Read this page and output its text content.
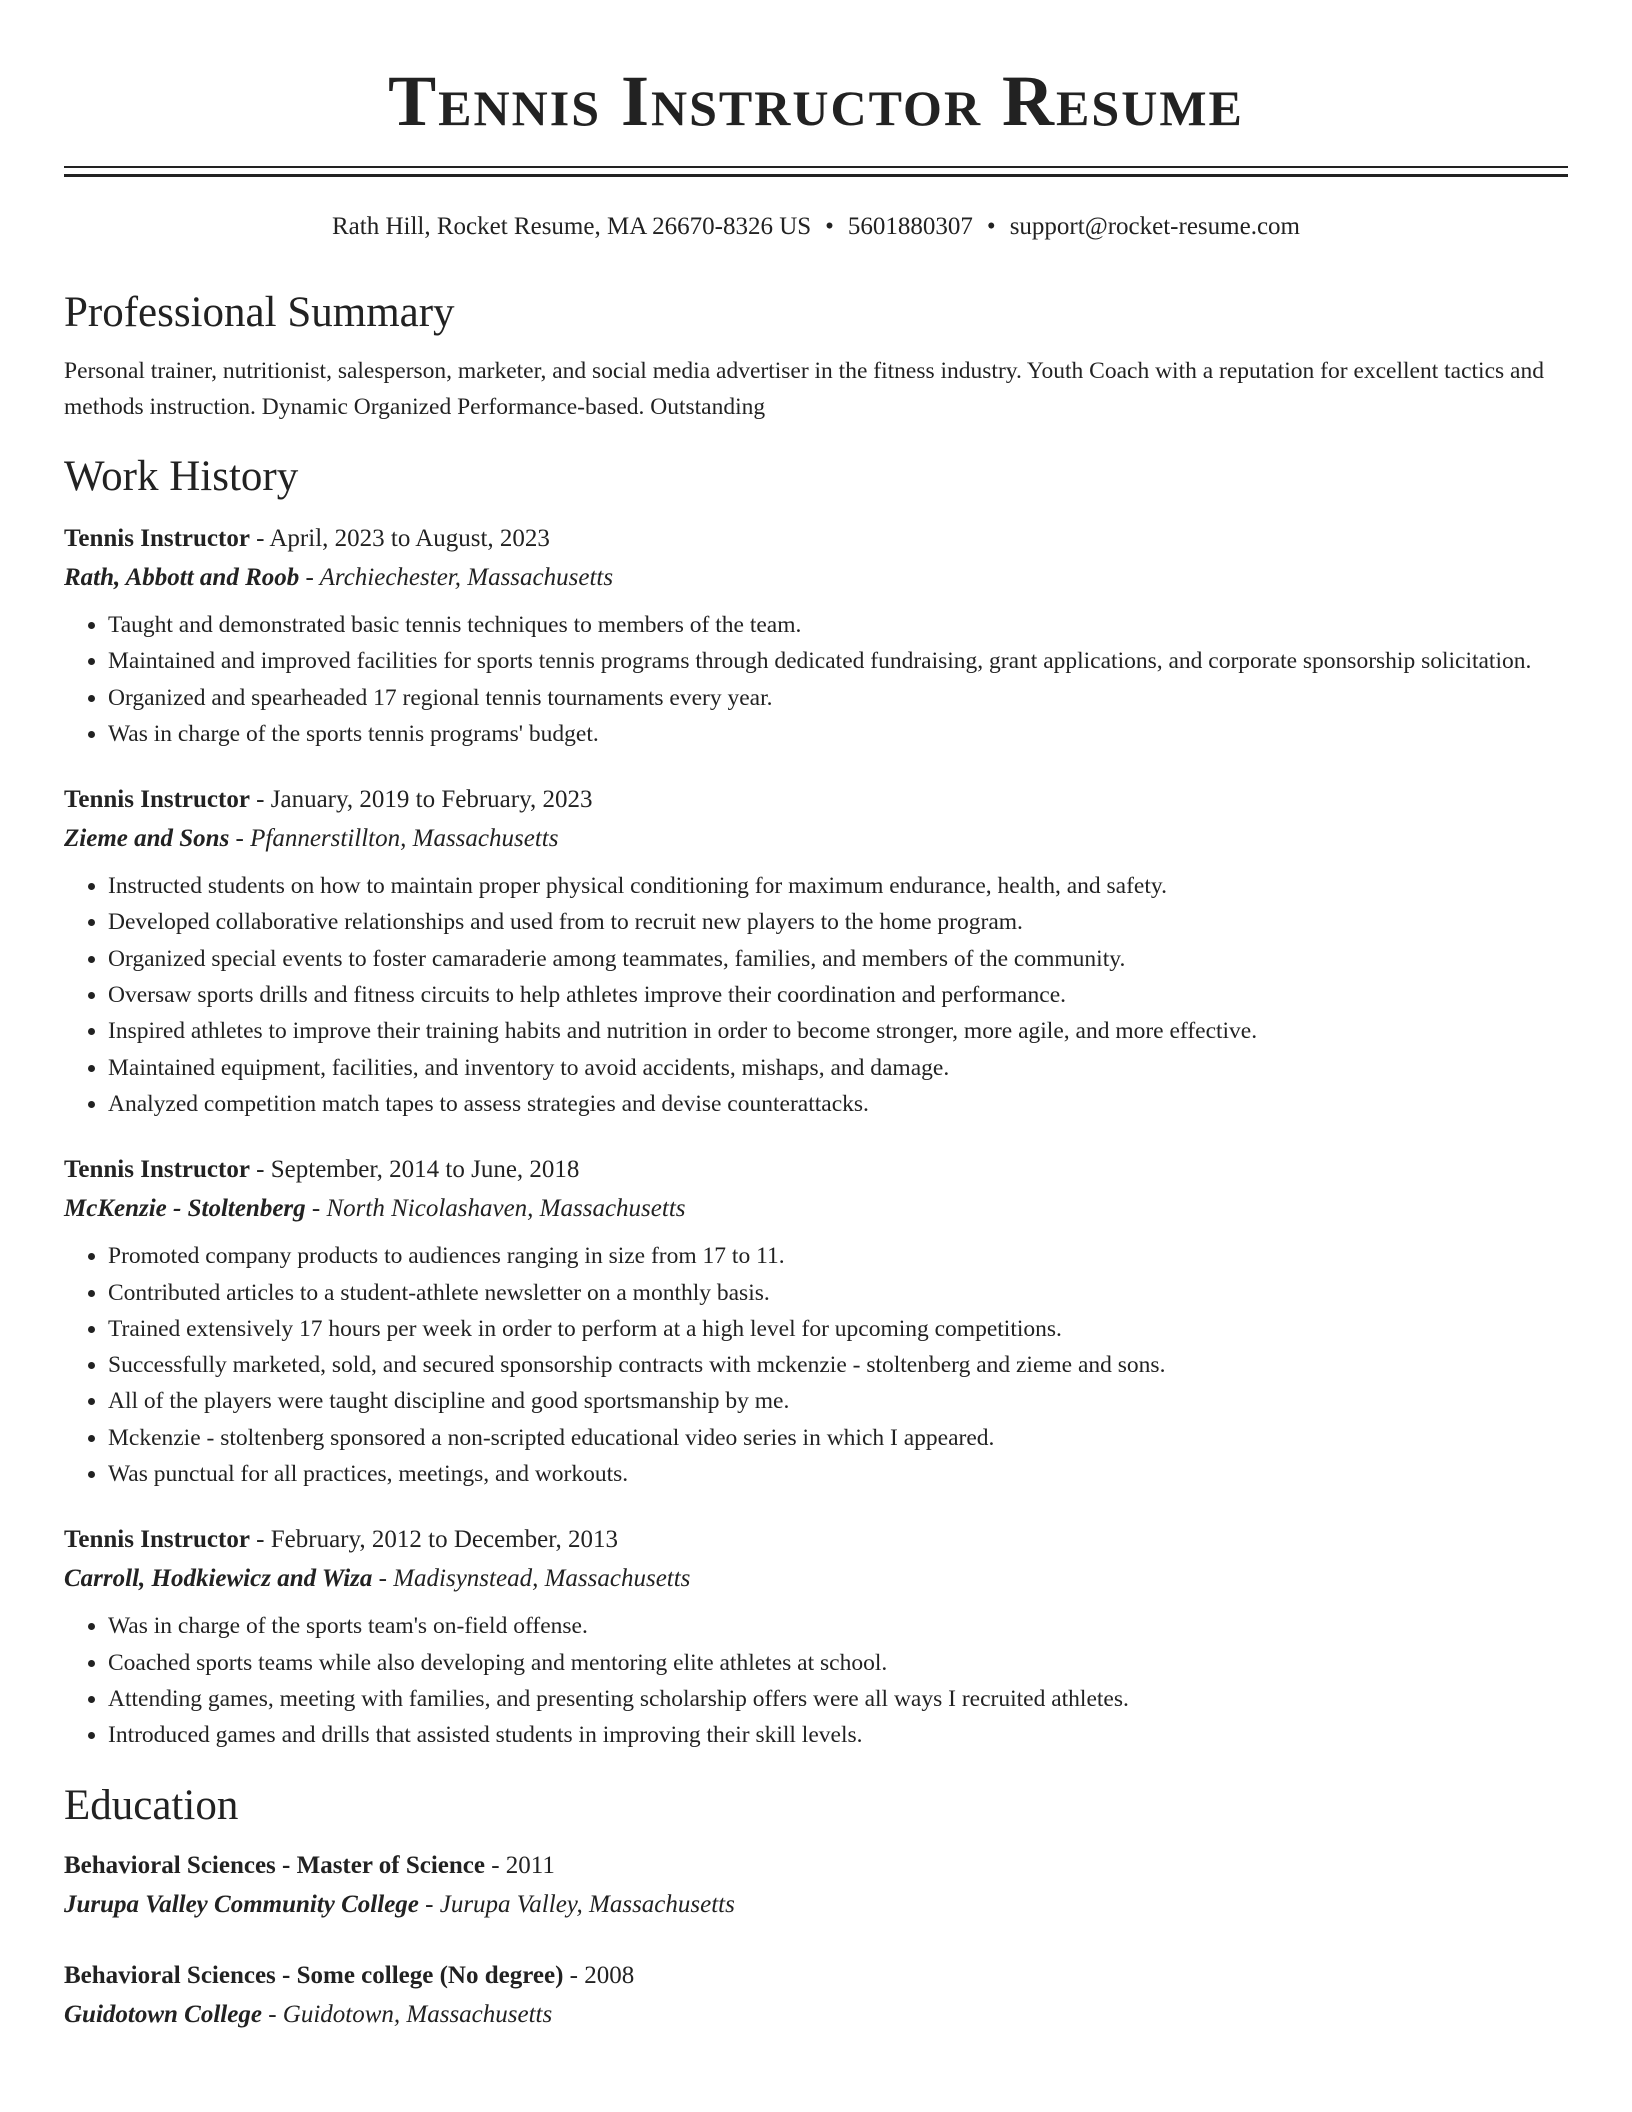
Tennis Instructor Resume
Rath Hill, Rocket Resume, MA 26670-8326 US • 5601880307 • support@rocket-resume.com
Professional Summary

Personal trainer, nutritionist, salesperson, marketer, and social media advertiser in the fitness industry. Youth Coach with a reputation for excellent tactics and methods instruction. Dynamic Organized Performance-based. Outstanding

Work History
Tennis Instructor - April, 2023 to August, 2023
Rath, Abbott and Roob - Archiechester, Massachusetts
• Taught and demonstrated basic tennis techniques to members of the team.
• Maintained and improved facilities for sports tennis programs through dedicated fundraising, grant applications, and corporate sponsorship solicitation.
• Organized and spearheaded 17 regional tennis tournaments every year.
• Was in charge of the sports tennis programs' budget.
Tennis Instructor - January, 2019 to February, 2023
Zieme and Sons - Pfannerstillton, Massachusetts
• Instructed students on how to maintain proper physical conditioning for maximum endurance, health, and safety.
• Developed collaborative relationships and used from to recruit new players to the home program.
• Organized special events to foster camaraderie among teammates, families, and members of the community.
• Oversaw sports drills and fitness circuits to help athletes improve their coordination and performance.
• Inspired athletes to improve their training habits and nutrition in order to become stronger, more agile, and more effective.
• Maintained equipment, facilities, and inventory to avoid accidents, mishaps, and damage.
• Analyzed competition match tapes to assess strategies and devise counterattacks.
Tennis Instructor - September, 2014 to June, 2018
McKenzie - Stoltenberg - North Nicolashaven, Massachusetts
• Promoted company products to audiences ranging in size from 17 to 11.
• Contributed articles to a student-athlete newsletter on a monthly basis.
• Trained extensively 17 hours per week in order to perform at a high level for upcoming competitions.
• Successfully marketed, sold, and secured sponsorship contracts with mckenzie - stoltenberg and zieme and sons.
• All of the players were taught discipline and good sportsmanship by me.
• Mckenzie - stoltenberg sponsored a non-scripted educational video series in which I appeared.
• Was punctual for all practices, meetings, and workouts.
Tennis Instructor - February, 2012 to December, 2013
Carroll, Hodkiewicz and Wiza - Madisynstead, Massachusetts
• Was in charge of the sports team's on-field offense.
• Coached sports teams while also developing and mentoring elite athletes at school.
• Attending games, meeting with families, and presenting scholarship offers were all ways I recruited athletes.
• Introduced games and drills that assisted students in improving their skill levels.
Education
Behavioral Sciences - Master of Science - 2011
Jurupa Valley Community College - Jurupa Valley, Massachusetts
Behavioral Sciences - Some college (No degree) - 2008
Guidotown College - Guidotown, Massachusetts
